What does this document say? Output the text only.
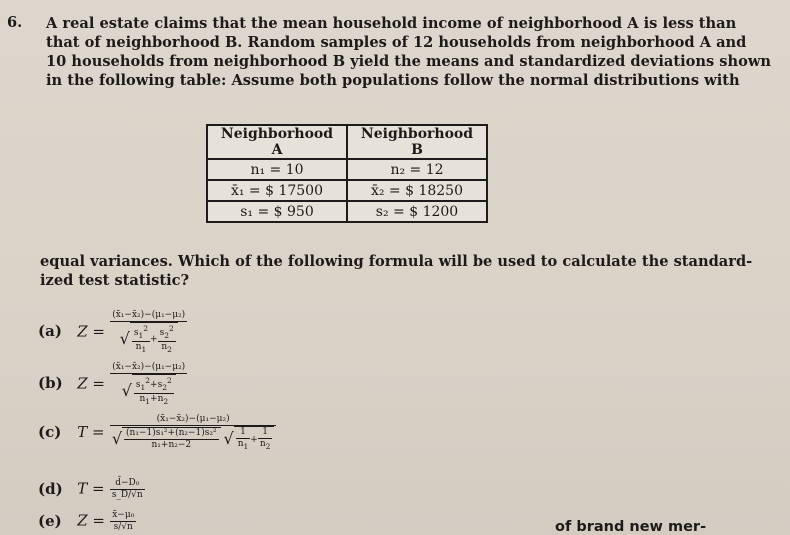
6. A real estate claims that the mean household income of neighborhood A is less than
that of neighborhood B. Random samples of 12 households from neighborhood A and
10 households from neighborhood B yield the means and standardized deviations shown
in the following table: Assume both populations follow the normal distributions with
Neighborhood A	Neighborhood B
n₁ = 10	n₂ = 12
x̄₁ = $ 17500	x̄₂ = $ 18250
s₁ = $ 950	s₂ = $ 1200
equal variances. Which of the following formula will be used to calculate the standard-
ized test statistic?
(a) $Z = \frac{\text{(x̄₁−x̄₂)−(μ₁−μ₂)}}{√ \frac{s_1^2}{n_1} + \frac{s_2^2}{n_2}}$
(b) $Z = \frac{\text{(x̄₁−x̄₂)−(μ₁−μ₂)}}{√ \frac{s_1^2+s_2^2}{n_1+n_2}}$
(c) $T = \frac{\text{(x̄₁−x̄₂)−(μ₁−μ₂)}}{√ \frac{\text{(n₁−1)s₁²+(n₂−1)s₂²}}{\text{n₁+n₂−2}} √ \frac{1}{n_1} + \frac{1}{n_2}}$
(d) $T = \frac{\text{d̄−D₀}}{s\_D/√n}$
(e) $Z = \frac{\text{x̄−μ₀}}{s/√n}$	of brand new mer-
